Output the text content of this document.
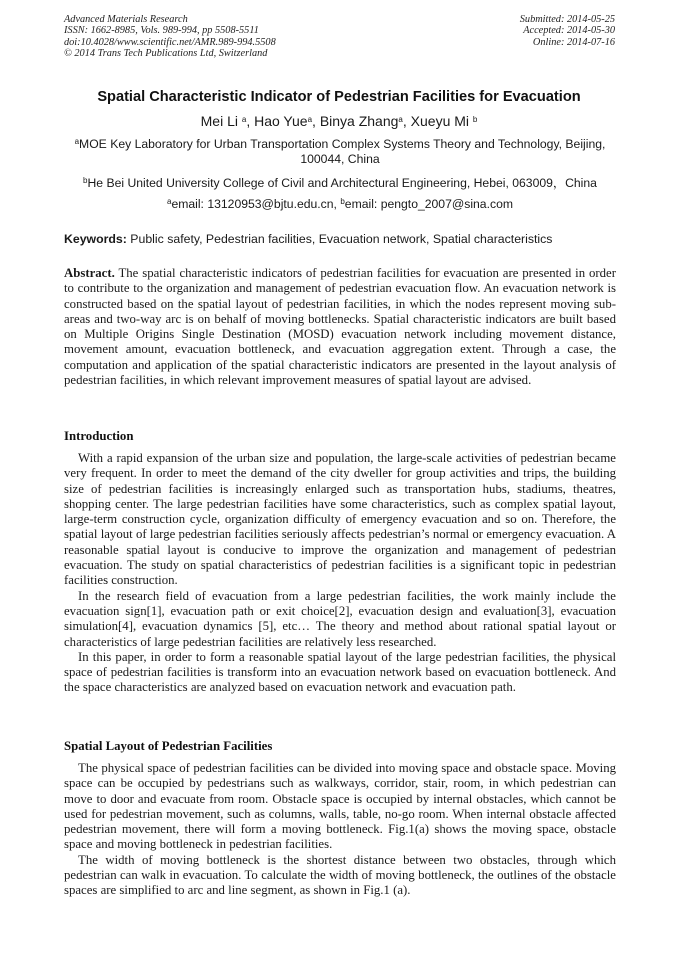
Advanced Materials Research
ISSN: 1662-8985, Vols. 989-994, pp 5508-5511
doi:10.4028/www.scientific.net/AMR.989-994.5508
© 2014 Trans Tech Publications Ltd, Switzerland
Submitted: 2014-05-25
Accepted: 2014-05-30
Online: 2014-07-16
Spatial Characteristic Indicator of Pedestrian Facilities for Evacuation
Mei Li $^a$, Hao Yue$^a$, Binya Zhang$^a$, Xueyu Mi $^b$
$^a$MOE Key Laboratory for Urban Transportation Complex Systems Theory and Technology, Beijing, 100044, China
$^b$He Bei United University College of Civil and Architectural Engineering, Hebei, 063009，China
$^a$email: 13120953@bjtu.edu.cn, $^b$email: pengto_2007@sina.com
Keywords: Public safety, Pedestrian facilities, Evacuation network, Spatial characteristics
Abstract. The spatial characteristic indicators of pedestrian facilities for evacuation are presented in order to contribute to the organization and management of pedestrian evacuation flow. An evacuation network is constructed based on the spatial layout of pedestrian facilities, in which the nodes represent moving sub-areas and two-way arc is on behalf of moving bottlenecks. Spatial characteristic indicators are built based on Multiple Origins Single Destination (MOSD) evacuation network including movement distance, movement amount, evacuation bottleneck, and evacuation aggregation extent. Through a case, the computation and application of the spatial characteristic indicators are presented in the layout analysis of pedestrian facilities, in which relevant improvement measures of spatial layout are advised.
Introduction

With a rapid expansion of the urban size and population, the large-scale activities of pedestrian became very frequent. In order to meet the demand of the city dweller for group activities and trips, the building size of pedestrian facilities is increasingly enlarged such as transportation hubs, stadiums, theatres, shopping center. The large pedestrian facilities have some characteristics, such as complex spatial layout, large-term construction cycle, organization difficulty of emergency evacuation and so on. Therefore, the spatial layout of large pedestrian facilities seriously affects pedestrian’s normal or emergency evacuation. A reasonable spatial layout is conducive to improve the organization and management of pedestrian evacuation. The study on spatial characteristics of pedestrian facilities is a significant topic in pedestrian facilities construction.

In the research field of evacuation from a large pedestrian facilities, the work mainly include the evacuation sign[1], evacuation path or exit choice[2], evacuation design and evaluation[3], evacuation simulation[4], evacuation dynamics [5], etc… The theory and method about rational spatial layout or characteristics of large pedestrian facilities are relatively less researched.

In this paper, in order to form a reasonable spatial layout of the large pedestrian facilities, the physical space of pedestrian facilities is transform into an evacuation network based on evacuation bottleneck. And the space characteristics are analyzed based on evacuation network and evacuation path.

Spatial Layout of Pedestrian Facilities

The physical space of pedestrian facilities can be divided into moving space and obstacle space. Moving space can be occupied by pedestrians such as walkways, corridor, stair, room, in which pedestrian can move to door and evacuate from room. Obstacle space is occupied by internal obstacles, which cannot be used for pedestrian movement, such as columns, walls, table, no-go room. When internal obstacle affected pedestrian movement, there will form a moving bottleneck. Fig.1(a) shows the moving space, obstacle space and moving bottleneck in pedestrian facilities.

The width of moving bottleneck is the shortest distance between two obstacles, through which pedestrian can walk in evacuation. To calculate the width of moving bottleneck, the outlines of the obstacle spaces are simplified to arc and line segment, as shown in Fig.1 (a).
